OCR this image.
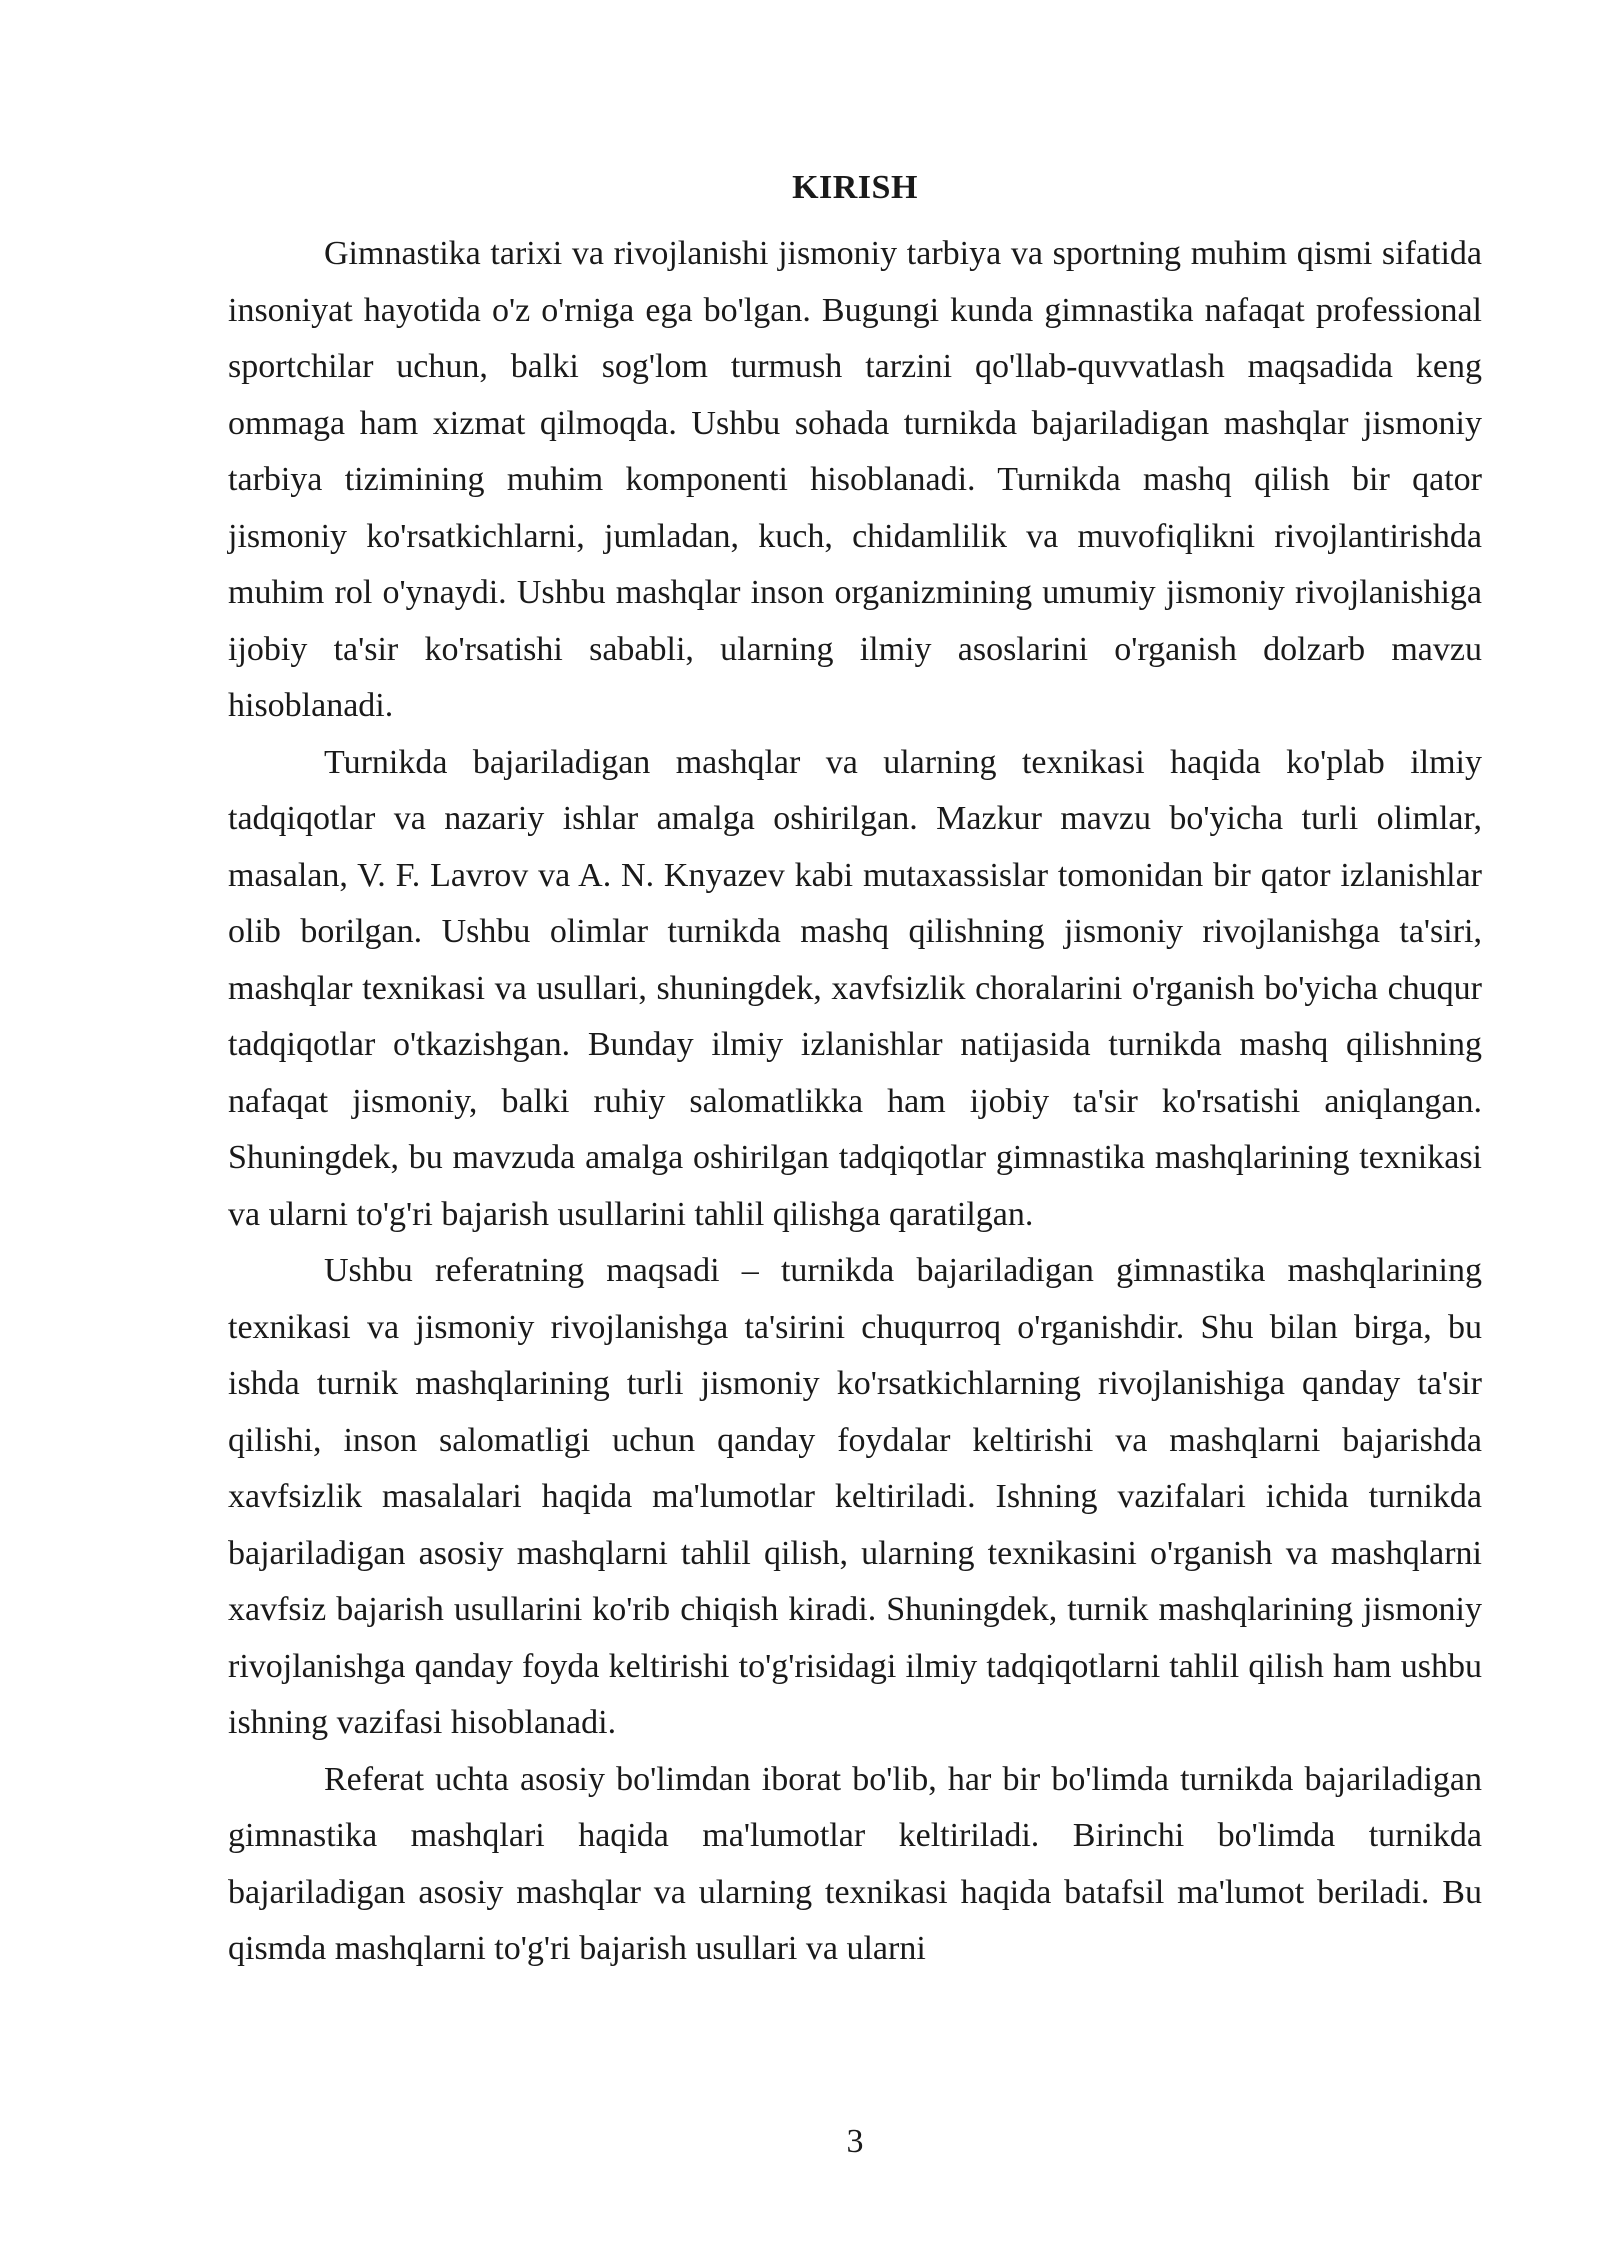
KIRISH

Gimnastika tarixi va rivojlanishi jismoniy tarbiya va sportning muhim qismi sifatida insoniyat hayotida o'z o'rniga ega bo'lgan. Bugungi kunda gimnastika nafaqat professional sportchilar uchun, balki sog'lom turmush tarzini qo'llab-quvvatlash maqsadida keng ommaga ham xizmat qilmoqda. Ushbu sohada turnikda bajariladigan mashqlar jismoniy tarbiya tizimining muhim komponenti hisoblanadi. Turnikda mashq qilish bir qator jismoniy ko'rsatkichlarni, jumladan, kuch, chidamlilik va muvofiqlikni rivojlantirishda muhim rol o'ynaydi. Ushbu mashqlar inson organizmining umumiy jismoniy rivojlanishiga ijobiy ta'sir ko'rsatishi sababli, ularning ilmiy asoslarini o'rganish dolzarb mavzu hisoblanadi.

Turnikda bajariladigan mashqlar va ularning texnikasi haqida ko'plab ilmiy tadqiqotlar va nazariy ishlar amalga oshirilgan. Mazkur mavzu bo'yicha turli olimlar, masalan, V. F. Lavrov va A. N. Knyazev kabi mutaxassislar tomonidan bir qator izlanishlar olib borilgan. Ushbu olimlar turnikda mashq qilishning jismoniy rivojlanishga ta'siri, mashqlar texnikasi va usullari, shuningdek, xavfsizlik choralarini o'rganish bo'yicha chuqur tadqiqotlar o'tkazishgan. Bunday ilmiy izlanishlar natijasida turnikda mashq qilishning nafaqat jismoniy, balki ruhiy salomatlikka ham ijobiy ta'sir ko'rsatishi aniqlangan. Shuningdek, bu mavzuda amalga oshirilgan tadqiqotlar gimnastika mashqlarining texnikasi va ularni to'g'ri bajarish usullarini tahlil qilishga qaratilgan.

Ushbu referatning maqsadi – turnikda bajariladigan gimnastika mashqlarining texnikasi va jismoniy rivojlanishga ta'sirini chuqurroq o'rganishdir. Shu bilan birga, bu ishda turnik mashqlarining turli jismoniy ko'rsatkichlarning rivojlanishiga qanday ta'sir qilishi, inson salomatligi uchun qanday foydalar keltirishi va mashqlarni bajarishda xavfsizlik masalalari haqida ma'lumotlar keltiriladi. Ishning vazifalari ichida turnikda bajariladigan asosiy mashqlarni tahlil qilish, ularning texnikasini o'rganish va mashqlarni xavfsiz bajarish usullarini ko'rib chiqish kiradi. Shuningdek, turnik mashqlarining jismoniy rivojlanishga qanday foyda keltirishi to'g'risidagi ilmiy tadqiqotlarni tahlil qilish ham ushbu ishning vazifasi hisoblanadi.

Referat uchta asosiy bo'limdan iborat bo'lib, har bir bo'limda turnikda bajariladigan gimnastika mashqlari haqida ma'lumotlar keltiriladi. Birinchi bo'limda turnikda bajariladigan asosiy mashqlar va ularning texnikasi haqida batafsil ma'lumot beriladi. Bu qismda mashqlarni to'g'ri bajarish usullari va ularni

3
